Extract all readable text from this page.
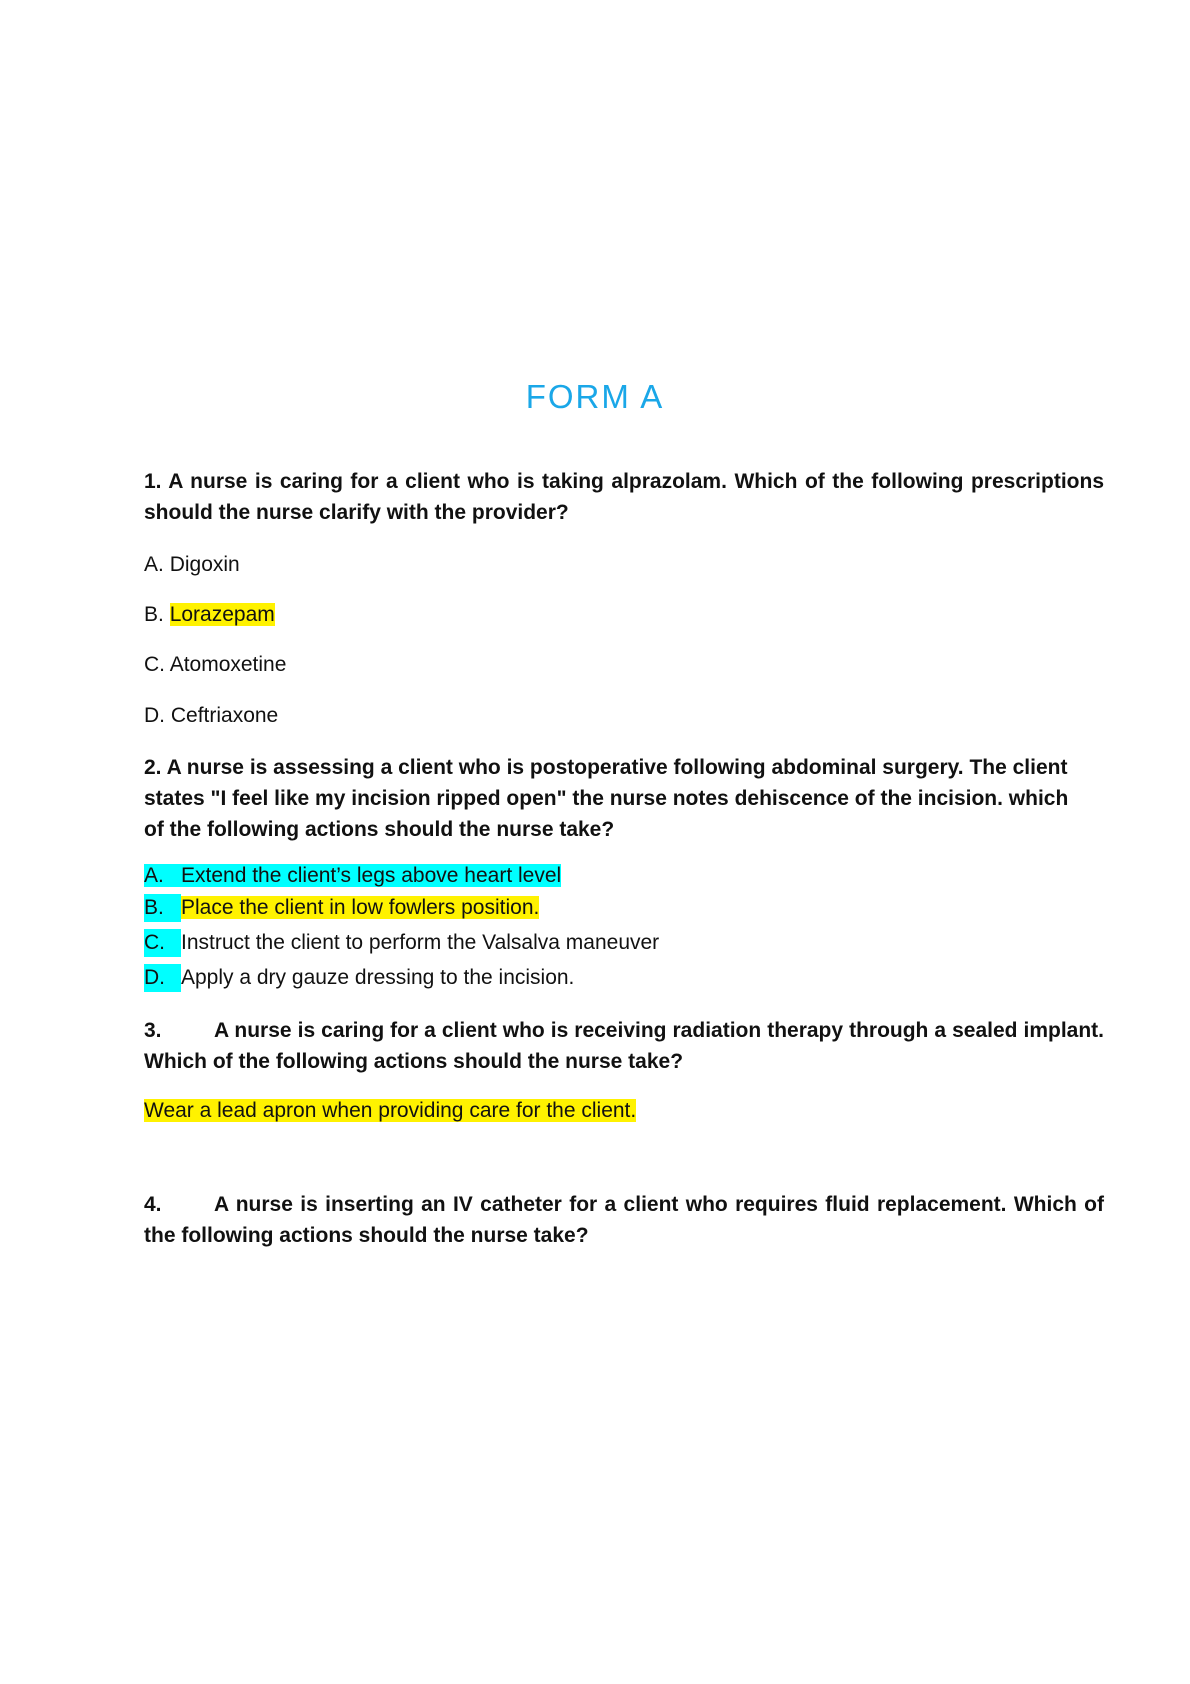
FORM A
1. A nurse is caring for a client who is taking alprazolam. Which of the following prescriptions
should the nurse clarify with the provider?
A. Digoxin
B. Lorazepam
C. Atomoxetine
D. Ceftriaxone
2. A nurse is assessing a client who is postoperative following abdominal surgery. The client
states "I feel like my incision ripped open" the nurse notes dehiscence of the incision. which
of the following actions should the nurse take?
A. Extend the client’s legs above heart level
B. Place the client in low fowlers position.
C. Instruct the client to perform the Valsalva maneuver
D. Apply a dry gauze dressing to the incision.
3. A nurse is caring for a client who is receiving radiation therapy through a sealed implant.
Which of the following actions should the nurse take?
Wear a lead apron when providing care for the client.
4. A nurse is inserting an IV catheter for a client who requires fluid replacement. Which of
the following actions should the nurse take?
